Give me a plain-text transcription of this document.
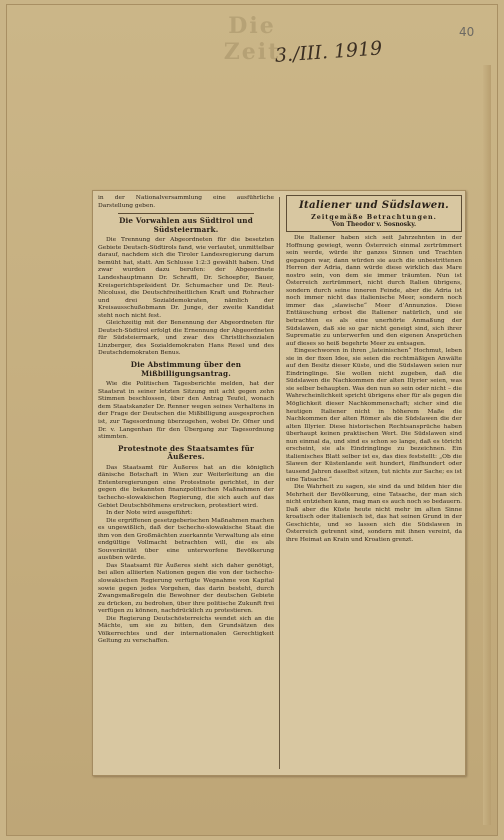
Die Zeit
3./III. 1919
40
in der Nationalversammlung eine ausführliche Darstellung geben.
Die Vorwahlen aus Südtirol und Südsteiermark.
Die Trennung der Abgeordneten für die besetzten Gebiete Deutsch-Südtirols fand, wie verlautet, unmittelbar darauf, nachdem sich die Tiroler Landesregierung darum bemüht hat, statt. Am Schlusse 1:2:3 gewählt haben. Und zwar wurden dazu berufen: der Abgeordnete Landeshauptmann Dr. Schraffl, Dr. Schoepfer, Bauer, Kreisgerichtspräsident Dr. Schumacher und Dr. Reut-Nicolussi, die Deutschfreiheitlichen Kraft und Rohracher und drei Sozialdemokraten, nämlich der Kreisausschußobmann Dr. Junge, der zweite Kandidat steht noch nicht fest.
Gleichzeitig mit der Benennung der Abgeordneten für Deutsch-Südtirol erfolgt die Ernennung der Abgeordneten für Südsteiermark, und zwar des Christlichsozialen Linzberger, des Sozialdemokraten Hans Resel und des Deutschdemokraten Benus.
Die Abstimmung über den Mißbilligungsantrag.
Wie die Politischen Tagesberichte melden, hat der Staatsrat in seiner letzten Sitzung mit acht gegen zehn Stimmen beschlossen, über den Antrag Teufel, wonach dem Staatskanzler Dr. Renner wegen seines Verhaltens in der Frage der Deutschen die Mißbilligung ausgesprochen ist, zur Tagesordnung überzugehen, wobei Dr. Ofner und Dr. v. Langenhan für den Übergang zur Tagesordnung stimmten.
Protestnote des Staatsamtes für Äußeres.
Das Staatsamt für Äußeres hat an die königlich dänische Botschaft in Wien zur Weiterleitung an die Ententeregierungen eine Protestnote gerichtet, in der gegen die bekannten finanzpolitischen Maßnahmen der tschecho-slowakischen Regierung, die sich auch auf das Gebiet Deutschböhmens erstrecken, protestiert wird.
In der Note wird ausgeführt:
Die ergriffenen gesetzgeberischen Maßnahmen machen es ungewißlich, daß der tschecho-slowakische Staat die ihm von den Großmächten zuerkannte Verwaltung als eine endgültige Vollmacht betrachten will, die es als Souveränität über eine unterworfene Bevölkerung ausüben würde.
Das Staatsamt für Äußeres sieht sich daher genötigt, bei allen alliierten Nationen gegen die von der tschecho-slowakischen Regierung verfügte Wegnahme von Kapital sowie gegen jedes Vorgehen, das darin besteht, durch Zwangsmaßregeln die Bewohner der deutschen Gebiete zu drücken, zu bedrohen, über ihre politische Zukunft frei verfügen zu können, nachdrücklich zu protestieren.
Die Regierung Deutschösterreichs wendet sich an die Mächte, um sie zu bitten, den Grundsätzen des Völkerrechtes und der internationalen Gerechtigkeit Geltung zu verschaffen.
Italiener und Südslawen.
Zeitgemäße Betrachtungen.
Von Theodor v. Sosnosky.
Die Italiener haben sich seit Jahrzehnten in der Hoffnung gewiegt, wenn Österreich einmal zertrümmert sein werde, würde ihr ganzes Sinnen und Trachten gegangen war, dann würden sie auch die unbestrittenen Herren der Adria, dann würde diese wirklich das Mare nostro sein, von dem sie immer träumten. Nun ist Österreich zertrümmert, nicht durch Italien übrigens, sondern durch seine inneren Feinde, aber die Adria ist noch immer nicht das italienische Meer, sondern noch immer das „slawische“ Meer d’Annunzios. Diese Enttäuschung erbost die Italiener natürlich, und sie betrachten es als eine unerhörte Anmaßung der Südslawen, daß sie so gar nicht geneigt sind, sich ihrer Suprematie zu unterwerfen und den eigenen Ansprüchen auf dieses so heiß begehrte Meer zu entsagen.
Eingeschworen in ihren „lateinischen“ Hochmut, leben sie in der fixen Idee, sie seien die rechtmäßigen Anwälte auf den Besitz dieser Küste, und die Südslawen seien nur Eindringlinge. Sie wollen nicht zugeben, daß die Südslawen die Nachkommen der alten Illyrier seien, was sie selber behaupten. Was den nun so sein oder nicht – die Wahrscheinlichkeit spricht übrigens eher für als gegen die Möglichkeit dieser Nachkommenschaft; sicher sind die heutigen Italiener nicht in höherem Maße die Nachkommen der alten Römer als die Südslawen die der alten Illyrier. Diese historischen Rechtsansprüche haben überhaupt keinen praktischen Wert. Die Südslawen sind nun einmal da, und sind es schon so lange, daß es töricht erscheint, sie als Eindringlinge zu bezeichnen. Ein italienisches Blatt selber ist es, das dies feststellt: „Ob die Slawen der Küstenlande seit hundert, fünfhundert oder tausend Jahren daselbst sitzen, tut nichts zur Sache; es ist eine Tatsache.“
Die Wahrheit zu sagen, sie sind da und bilden hier die Mehrheit der Bevölkerung, eine Tatsache, der man sich nicht entziehen kann, mag man es auch noch so bedauern. Daß aber die Küste heute nicht mehr im alten Sinne kroatisch oder italienisch ist, das hat seinen Grund in der Geschichte, und so lassen sich die Südslawen in Österreich getrennt sind, sondern mit ihnen vereint, da ihre Heimat an Krain und Kroatien grenzt.
